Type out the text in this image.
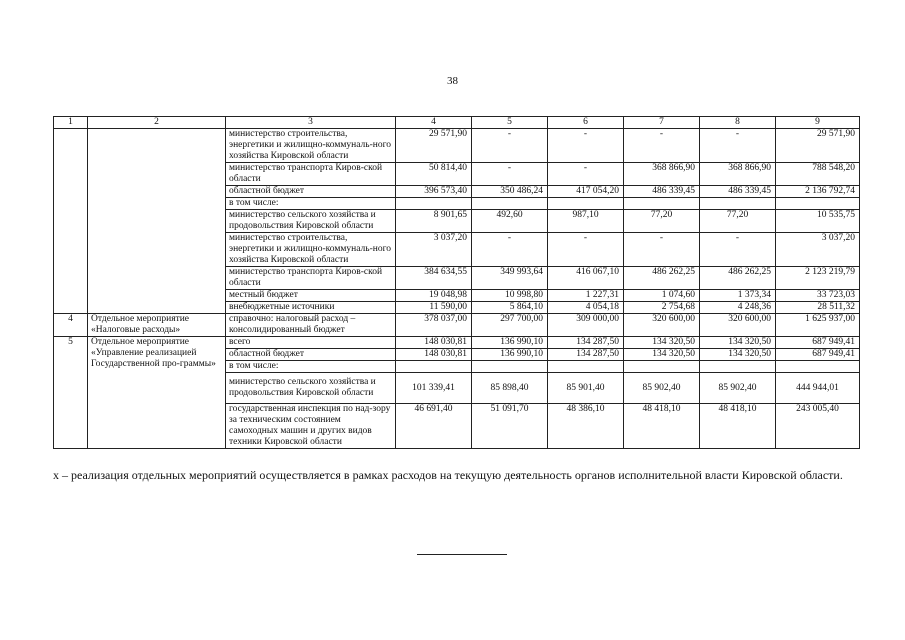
38
1	2	3	4	5	6	7	8	9
		министерство строительства, энергетики и жилищно-коммуналь-ного хозяйства Кировской области	29 571,90	-	-	-	-	29 571,90
		министерство транспорта Киров-ской области	50 814,40	-	-	368 866,90	368 866,90	788 548,20
		областной бюджет	396 573,40	350 486,24	417 054,20	486 339,45	486 339,45	2 136 792,74
		в том числе:						
		министерство сельского хозяйства и продовольствия Кировской области	8 901,65	492,60	987,10	77,20	77,20	10 535,75
		министерство строительства, энергетики и жилищно-коммуналь-ного хозяйства Кировской области	3 037,20	-	-	-	-	3 037,20
		министерство транспорта Киров-ской области	384 634,55	349 993,64	416 067,10	486 262,25	486 262,25	2 123 219,79
		местный бюджет	19 048,98	10 998,80	1 227,31	1 074,60	1 373,34	33 723,03
		внебюджетные источники	11 590,00	5 864,10	4 054,18	2 754,68	4 248,36	28 511,32
4	Отдельное мероприятие «Налоговые расходы»	справочно: налоговый расход – консолидированный бюджет	378 037,00	297 700,00	309 000,00	320 600,00	320 600,00	1 625 937,00
5	Отдельное мероприятие «Управление реализацией Государственной про-граммы»	всего	148 030,81	136 990,10	134 287,50	134 320,50	134 320,50	687 949,41
		областной бюджет	148 030,81	136 990,10	134 287,50	134 320,50	134 320,50	687 949,41
		в том числе:						
		министерство сельского хозяйства и продовольствия Кировской области	101 339,41	85 898,40	85 901,40	85 902,40	85 902,40	444 944,01
		государственная инспекция по над-зору за техническим состоянием самоходных машин и других видов техники Кировской области	46 691,40	51 091,70	48 386,10	48 418,10	48 418,10	243 005,40
х – реализация отдельных мероприятий осуществляется в рамках расходов на текущую деятельность органов исполнительной власти Кировской области.
